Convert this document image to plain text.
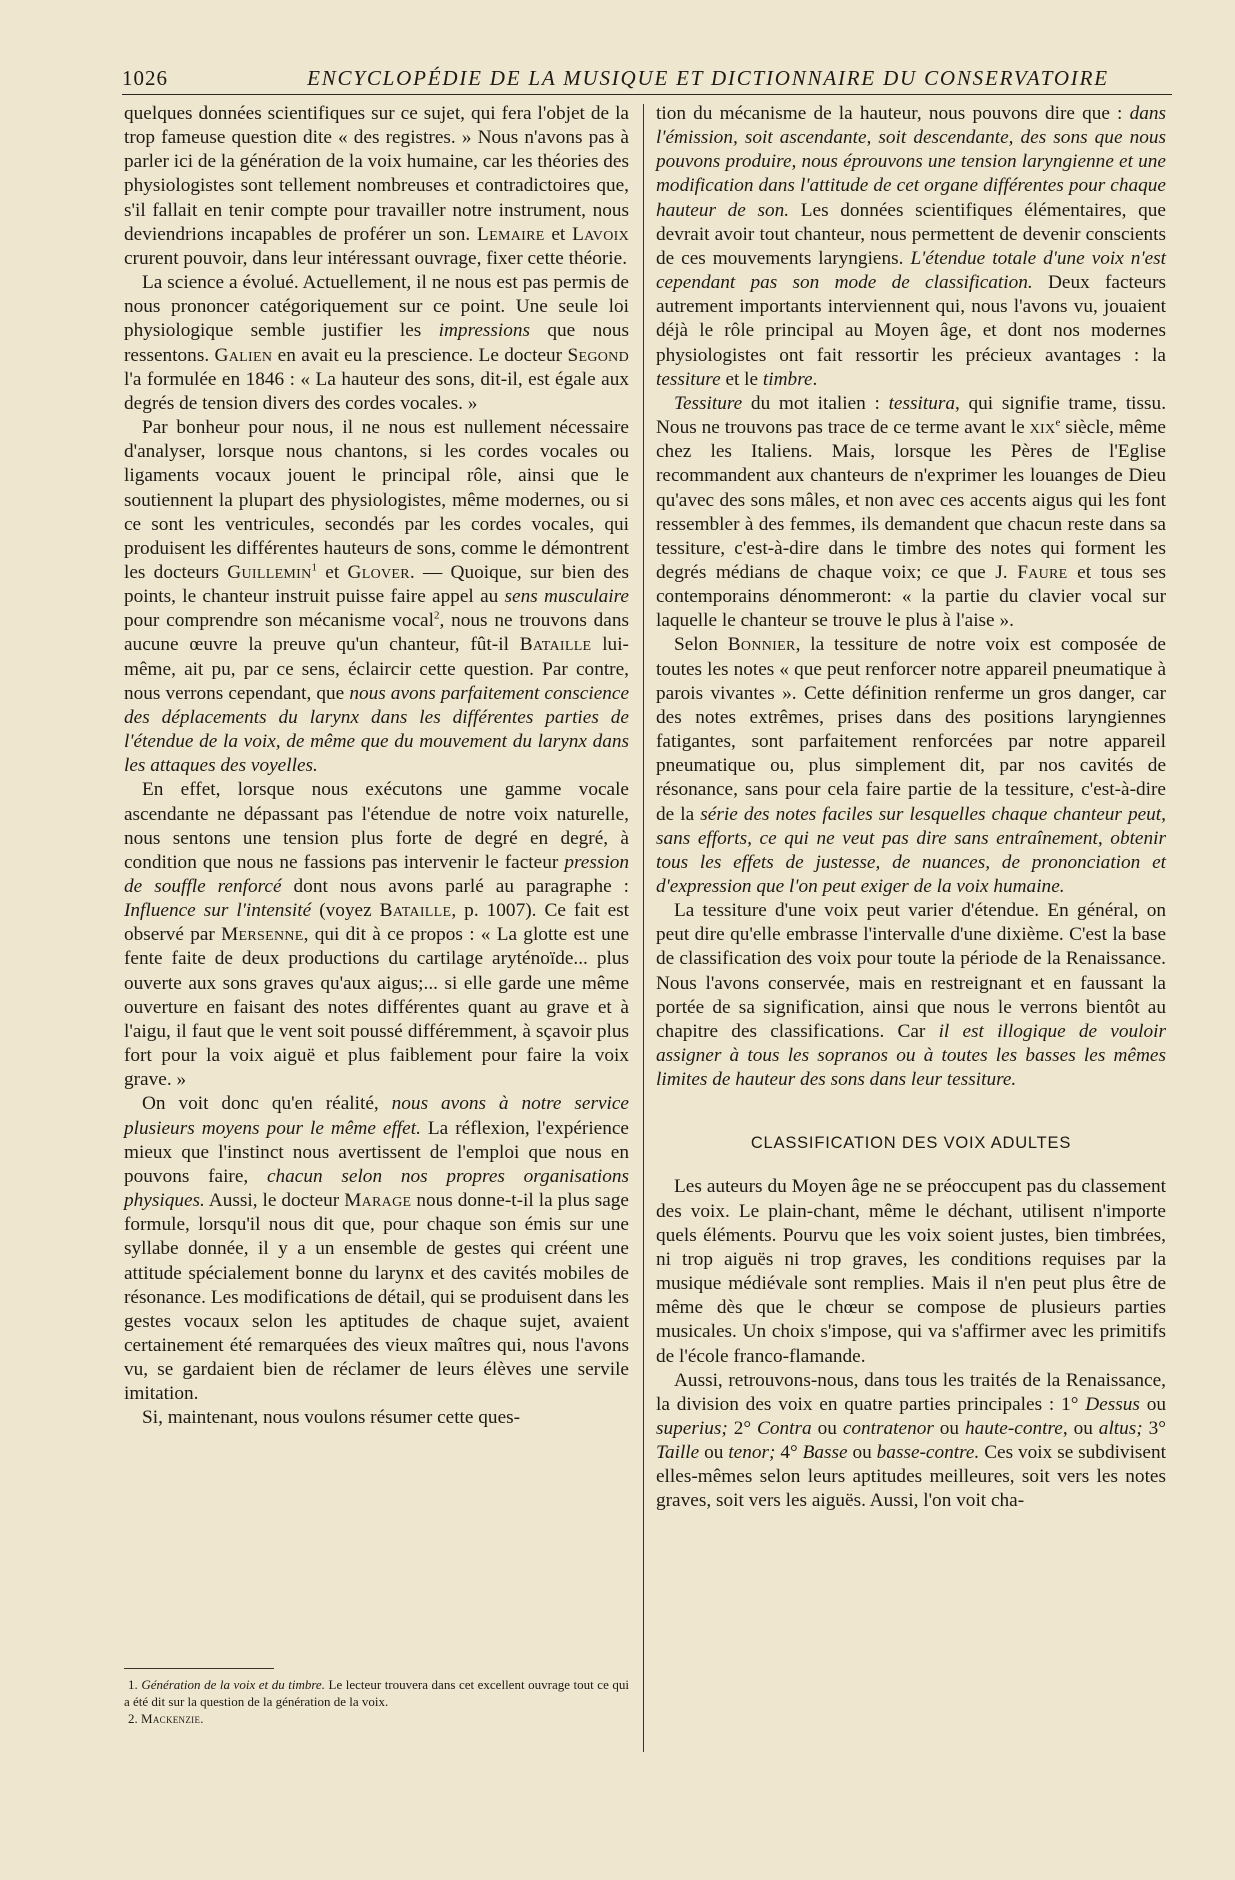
1026	ENCYCLOPÉDIE DE LA MUSIQUE ET DICTIONNAIRE DU CONSERVATOIRE

quelques données scientifiques sur ce sujet, qui fera l'objet de la trop fameuse question dite « des registres. » Nous n'avons pas à parler ici de la génération de la voix humaine, car les théories des physiologistes sont tellement nombreuses et contradictoires que, s'il fallait en tenir compte pour travailler notre instrument, nous deviendrions incapables de proférer un son. Lemaire et Lavoix crurent pouvoir, dans leur intéressant ouvrage, fixer cette théorie.

La science a évolué. Actuellement, il ne nous est pas permis de nous prononcer catégoriquement sur ce point. Une seule loi physiologique semble justifier les impressions que nous ressentons. Galien en avait eu la prescience. Le docteur Segond l'a formulée en 1846 : « La hauteur des sons, dit-il, est égale aux degrés de tension divers des cordes vocales. »

Par bonheur pour nous, il ne nous est nullement nécessaire d'analyser, lorsque nous chantons, si les cordes vocales ou ligaments vocaux jouent le principal rôle, ainsi que le soutiennent la plupart des physiologistes, même modernes, ou si ce sont les ventricules, secondés par les cordes vocales, qui produisent les différentes hauteurs de sons, comme le démontrent les docteurs Guillemin$^1$ et Glover. — Quoique, sur bien des points, le chanteur instruit puisse faire appel au sens musculaire pour comprendre son mécanisme vocal$^2$, nous ne trouvons dans aucune œuvre la preuve qu'un chanteur, fût-il Bataille lui-même, ait pu, par ce sens, éclaircir cette question. Par contre, nous verrons cependant, que nous avons parfaitement conscience des déplacements du larynx dans les différentes parties de l'étendue de la voix, de même que du mouvement du larynx dans les attaques des voyelles.

En effet, lorsque nous exécutons une gamme vocale ascendante ne dépassant pas l'étendue de notre voix naturelle, nous sentons une tension plus forte de degré en degré, à condition que nous ne fassions pas intervenir le facteur pression de souffle renforcé dont nous avons parlé au paragraphe : Influence sur l'intensité (voyez Bataille, p. 1007). Ce fait est observé par Mersenne, qui dit à ce propos : « La glotte est une fente faite de deux productions du cartilage aryténoïde... plus ouverte aux sons graves qu'aux aigus;... si elle garde une même ouverture en faisant des notes différentes quant au grave et à l'aigu, il faut que le vent soit poussé différemment, à sçavoir plus fort pour la voix aiguë et plus faiblement pour faire la voix grave. »

On voit donc qu'en réalité, nous avons à notre service plusieurs moyens pour le même effet. La réflexion, l'expérience mieux que l'instinct nous avertissent de l'emploi que nous en pouvons faire, chacun selon nos propres organisations physiques. Aussi, le docteur Marage nous donne-t-il la plus sage formule, lorsqu'il nous dit que, pour chaque son émis sur une syllabe donnée, il y a un ensemble de gestes qui créent une attitude spécialement bonne du larynx et des cavités mobiles de résonance. Les modifications de détail, qui se produisent dans les gestes vocaux selon les aptitudes de chaque sujet, avaient certainement été remarquées des vieux maîtres qui, nous l'avons vu, se gardaient bien de réclamer de leurs élèves une servile imitation.

Si, maintenant, nous voulons résumer cette ques-

1. Génération de la voix et du timbre. Le lecteur trouvera dans cet excellent ouvrage tout ce qui a été dit sur la question de la génération de la voix.

2. Mackenzie.

tion du mécanisme de la hauteur, nous pouvons dire que : dans l'émission, soit ascendante, soit descendante, des sons que nous pouvons produire, nous éprouvons une tension laryngienne et une modification dans l'attitude de cet organe différentes pour chaque hauteur de son. Les données scientifiques élémentaires, que devrait avoir tout chanteur, nous permettent de devenir conscients de ces mouvements laryngiens. L'étendue totale d'une voix n'est cependant pas son mode de classification. Deux facteurs autrement importants interviennent qui, nous l'avons vu, jouaient déjà le rôle principal au Moyen âge, et dont nos modernes physiologistes ont fait ressortir les précieux avantages : la tessiture et le timbre.

Tessiture du mot italien : tessitura, qui signifie trame, tissu. Nous ne trouvons pas trace de ce terme avant le xix$^e$ siècle, même chez les Italiens. Mais, lorsque les Pères de l'Eglise recommandent aux chanteurs de n'exprimer les louanges de Dieu qu'avec des sons mâles, et non avec ces accents aigus qui les font ressembler à des femmes, ils demandent que chacun reste dans sa tessiture, c'est-à-dire dans le timbre des notes qui forment les degrés médians de chaque voix; ce que J. Faure et tous ses contemporains dénommeront: « la partie du clavier vocal sur laquelle le chanteur se trouve le plus à l'aise ».

Selon Bonnier, la tessiture de notre voix est composée de toutes les notes « que peut renforcer notre appareil pneumatique à parois vivantes ». Cette définition renferme un gros danger, car des notes extrêmes, prises dans des positions laryngiennes fatigantes, sont parfaitement renforcées par notre appareil pneumatique ou, plus simplement dit, par nos cavités de résonance, sans pour cela faire partie de la tessiture, c'est-à-dire de la série des notes faciles sur lesquelles chaque chanteur peut, sans efforts, ce qui ne veut pas dire sans entraînement, obtenir tous les effets de justesse, de nuances, de prononciation et d'expression que l'on peut exiger de la voix humaine.

La tessiture d'une voix peut varier d'étendue. En général, on peut dire qu'elle embrasse l'intervalle d'une dixième. C'est la base de classification des voix pour toute la période de la Renaissance. Nous l'avons conservée, mais en restreignant et en faussant la portée de sa signification, ainsi que nous le verrons bientôt au chapitre des classifications. Car il est illogique de vouloir assigner à tous les sopranos ou à toutes les basses les mêmes limites de hauteur des sons dans leur tessiture.

CLASSIFICATION DES VOIX ADULTES

Les auteurs du Moyen âge ne se préoccupent pas du classement des voix. Le plain-chant, même le déchant, utilisent n'importe quels éléments. Pourvu que les voix soient justes, bien timbrées, ni trop aiguës ni trop graves, les conditions requises par la musique médiévale sont remplies. Mais il n'en peut plus être de même dès que le chœur se compose de plusieurs parties musicales. Un choix s'impose, qui va s'affirmer avec les primitifs de l'école franco-flamande.

Aussi, retrouvons-nous, dans tous les traités de la Renaissance, la division des voix en quatre parties principales : 1° Dessus ou superius; 2° Contra ou contratenor ou haute-contre, ou altus; 3° Taille ou tenor; 4° Basse ou basse-contre. Ces voix se subdivisent elles-mêmes selon leurs aptitudes meilleures, soit vers les notes graves, soit vers les aiguës. Aussi, l'on voit cha-
